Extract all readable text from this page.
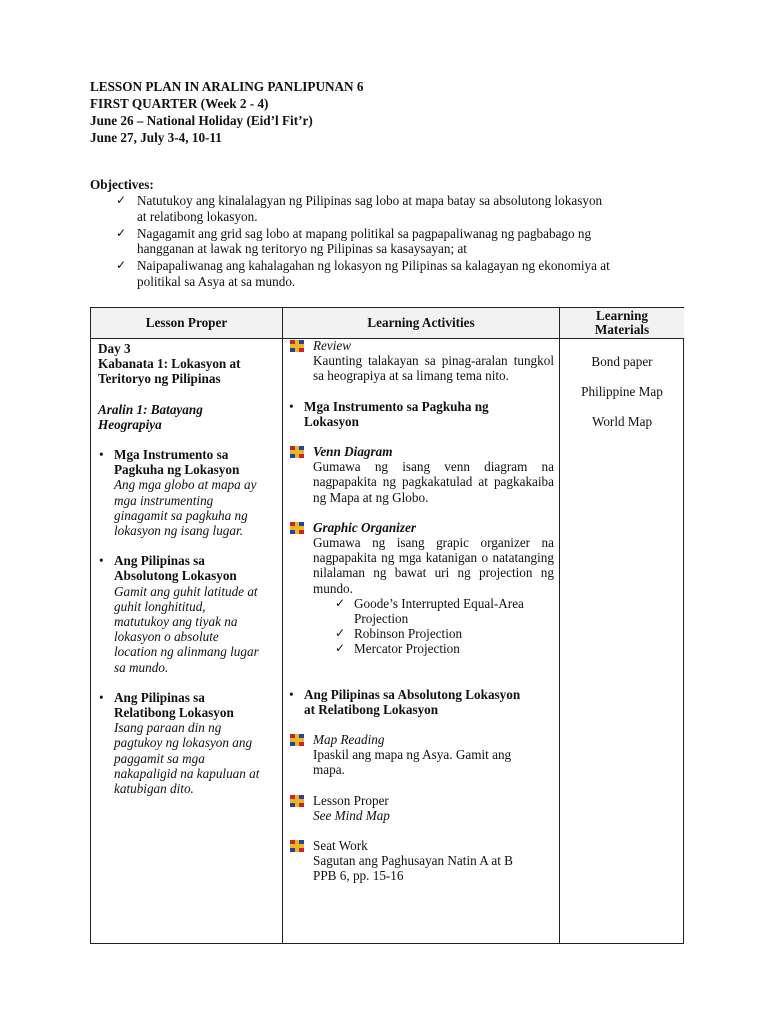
LESSON PLAN IN ARALING PANLIPUNAN 6
FIRST QUARTER (Week 2 - 4)
June 26 – National Holiday (Eid’l Fit’r)
June 27, July 3-4, 10-11
Objectives:
✓ Natutukoy ang kinalalagyan ng Pilipinas sag lobo at mapa batay sa absolutong lokasyon
at relatibong lokasyon.
✓ Nagagamit ang grid sag lobo at mapang politikal sa pagpapaliwanag ng pagbabago ng
hangganan at lawak ng teritoryo ng Pilipinas sa kasaysayan; at
✓ Naipapaliwanag ang kahalagahan ng lokasyon ng Pilipinas sa kalagayan ng ekonomiya at
politikal sa Asya at sa mundo.
Lesson Proper	Learning Activities	Learning
Materials
Day 3
Kabanata 1: Lokasyon at
Teritoryo ng Pilipinas
Aralin 1: Batayang
Heograpiya
• Mga Instrumento sa
Pagkuha ng Lokasyon
Ang mga globo at mapa ay
mga instrumenting
ginagamit sa pagkuha ng
lokasyon ng isang lugar.
• Ang Pilipinas sa
Absolutong Lokasyon
Gamit ang guhit latitude at
guhit longhititud,
matutukoy ang tiyak na
lokasyon o absolute
location ng alinmang lugar
sa mundo.
• Ang Pilipinas sa
Relatibong Lokasyon
Isang paraan din ng
pagtukoy ng lokasyon ang
paggamit sa mga
nakapaligid na kapuluan at
katubigan dito.
Review
Kaunting talakayan sa pinag-aralan tungkol sa heograpiya at sa limang tema nito.
• Mga Instrumento sa Pagkuha ng
Lokasyon
Venn Diagram
Gumawa ng isang venn diagram na nagpapakita ng pagkakatulad at pagkakaiba ng Mapa at ng Globo.
Graphic Organizer
Gumawa ng isang grapic organizer na nagpapakita ng mga katanigan o natatanging nilalaman ng bawat uri ng projection ng mundo.
✓ Goode’s Interrupted Equal-Area
Projection
✓ Robinson Projection
✓ Mercator Projection
• Ang Pilipinas sa Absolutong Lokasyon
at Relatibong Lokasyon
Map Reading
Ipaskil ang mapa ng Asya. Gamit ang
mapa.
Lesson Proper
See Mind Map
Seat Work
Sagutan ang Paghusayan Natin A at B
PPB 6, pp. 15-16
Bond paper
Philippine Map
World Map
